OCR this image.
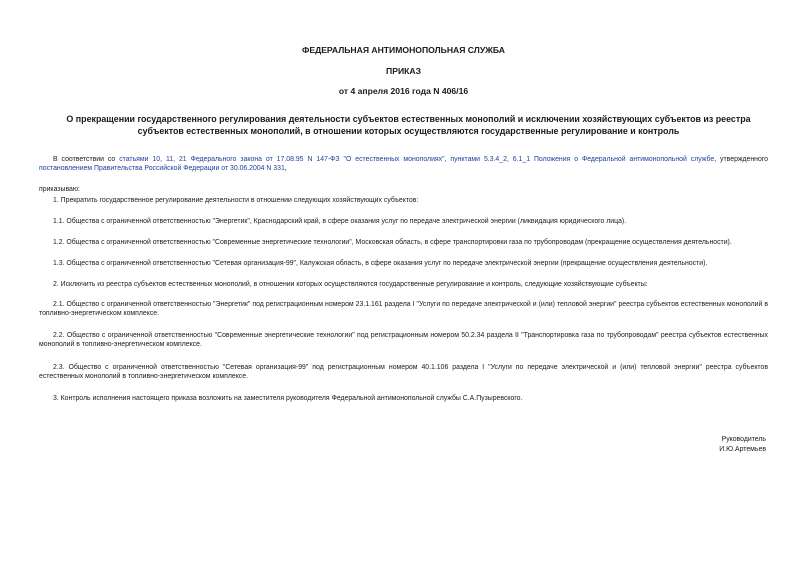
ФЕДЕРАЛЬНАЯ АНТИМОНОПОЛЬНАЯ СЛУЖБА
ПРИКАЗ
от 4 апреля 2016 года N 406/16
О прекращении государственного регулирования деятельности субъектов естественных монополий и исключении хозяйствующих субъектов из реестра субъектов естественных монополий, в отношении которых осуществляются государственные регулирование и контроль
В соответствии со статьями 10, 11, 21 Федерального закона от 17.08.95 N 147-ФЗ "О естественных монополиях", пунктами 5.3.4_2, 6.1_1 Положения о Федеральной антимонопольной службе, утвержденного постановлением Правительства Российской Федерации от 30.06.2004 N 331,
приказываю:
1. Прекратить государственное регулирование деятельности в отношении следующих хозяйствующих субъектов:
1.1. Общества с ограниченной ответственностью "Энергетик", Краснодарский край, в сфере оказания услуг по передаче электрической энергии (ликвидация юридического лица).
1.2. Общества с ограниченной ответственностью "Современные энергетические технологии", Московская область, в сфере транспортировки газа по трубопроводам (прекращение осуществления деятельности).
1.3. Общества с ограниченной ответственностью "Сетевая организация-99", Калужская область, в сфере оказания услуг по передаче электрической энергии (прекращение осуществления деятельности).
2. Исключить из реестра субъектов естественных монополий, в отношении которых осуществляются государственные регулирование и контроль, следующие хозяйствующие субъекты:
2.1. Общество с ограниченной ответственностью "Энергетик" под регистрационным номером 23.1.161 раздела I "Услуги по передаче электрической и (или) тепловой энергии" реестра субъектов естественных монополий в топливно-энергетическом комплексе.
2.2. Общество с ограниченной ответственностью "Современные энергетические технологии" под регистрационным номером 50.2.34 раздела II "Транспортировка газа по трубопроводам" реестра субъектов естественных монополий в топливно-энергетическом комплексе.
2.3. Общество с ограниченной ответственностью "Сетевая организация-99" под регистрационным номером 40.1.106 раздела I "Услуги по передаче электрической и (или) тепловой энергии" реестра субъектов естественных монополий в топливно-энергетическом комплексе.
3. Контроль исполнения настоящего приказа возложить на заместителя руководителя Федеральной антимонопольной службы С.А.Пузыревского.
Руководитель
И.Ю.Артемьев
